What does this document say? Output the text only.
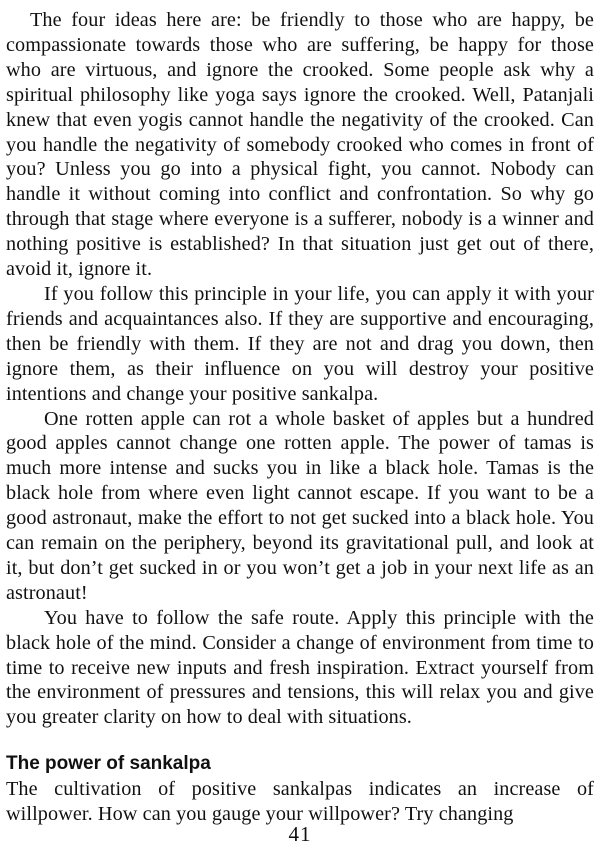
The four ideas here are: be friendly to those who are happy, be compassionate towards those who are suffering, be happy for those who are virtuous, and ignore the crooked. Some people ask why a spiritual philosophy like yoga says ignore the crooked. Well, Patanjali knew that even yogis cannot handle the negativity of the crooked. Can you handle the negativity of somebody crooked who comes in front of you? Unless you go into a physical fight, you cannot. Nobody can handle it without coming into conflict and confrontation. So why go through that stage where everyone is a sufferer, nobody is a winner and nothing positive is established? In that situation just get out of there, avoid it, ignore it.

If you follow this principle in your life, you can apply it with your friends and acquaintances also. If they are supportive and encouraging, then be friendly with them. If they are not and drag you down, then ignore them, as their influence on you will destroy your positive intentions and change your positive sankalpa.

One rotten apple can rot a whole basket of apples but a hundred good apples cannot change one rotten apple. The power of tamas is much more intense and sucks you in like a black hole. Tamas is the black hole from where even light cannot escape. If you want to be a good astronaut, make the effort to not get sucked into a black hole. You can remain on the periphery, beyond its gravitational pull, and look at it, but don’t get sucked in or you won’t get a job in your next life as an astronaut!

You have to follow the safe route. Apply this principle with the black hole of the mind. Consider a change of environment from time to time to receive new inputs and fresh inspiration. Extract yourself from the environment of pressures and tensions, this will relax you and give you greater clarity on how to deal with situations.

The power of sankalpa

The cultivation of positive sankalpas indicates an increase of willpower. How can you gauge your willpower? Try changing

41
